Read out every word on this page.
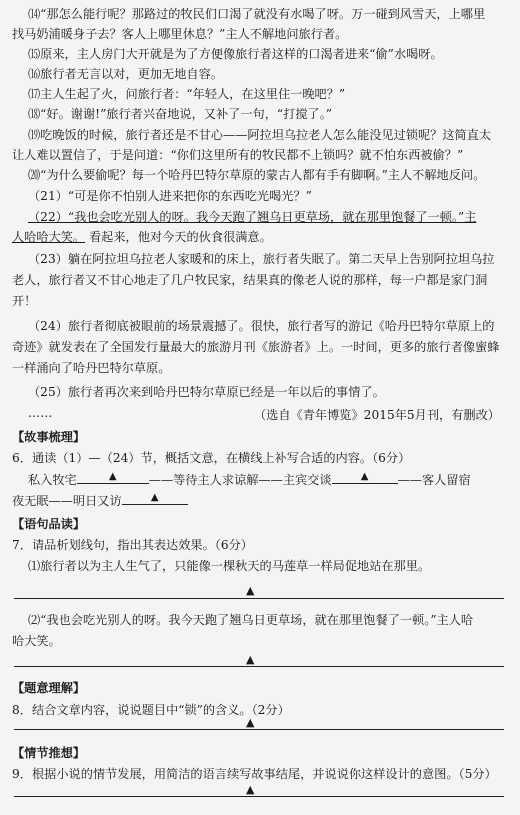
⒁“那怎么能行呢？那路过的牧民们口渴了就没有水喝了呀。万一碰到风雪天，上哪里
找马奶浦暖身子去？客人上哪里休息？”主人不解地问旅行者。
⒂原来，主人房门大开就是为了方便像旅行者这样的口渴者进来“偷”水喝呀。
⒃旅行者无言以对，更加无地自容。
⒄主人生起了火，问旅行者：“年轻人，在这里住一晚吧？”
⒅“好。谢谢!”旅行者兴奋地说，又补了一句，“打搅了。”
⒆吃晚饭的时候，旅行者还是不甘心——阿拉坦乌拉老人怎么能没见过锁呢？这简直太
让人难以置信了，于是问道：“你们这里所有的牧民都不上锁吗？就不怕东西被偷？”
⒇“为什么要偷呢？每一个哈丹巴特尔草原的蒙古人都有手有脚啊。”主人不解地反问。
（21）“可是你不怕别人进来把你的东西吃光喝光？”
（22）“我也会吃光别人的呀。我今天跑了翘乌日更草场，就在那里饱餐了一顿。”主
人哈哈大笑。 看起来，他对今天的伙食很满意。
（23）躺在阿拉坦乌拉老人家暖和的床上，旅行者失眠了。第二天早上告别阿拉坦乌拉
老人，旅行者又不甘心地走了几户牧民家，结果真的像老人说的那样，每一户都是家门洞
开！
（24）旅行者彻底被眼前的场景震撼了。很快，旅行者写的游记《哈丹巴特尔草原上的
奇迹》就发表在了全国发行量最大的旅游月刊《旅游者》上。一时间，更多的旅行者像蜜蜂
一样涌向了哈丹巴特尔草原。
（25）旅行者再次来到哈丹巴特尔草原已经是一年以后的事情了。
……	（选自《青年博览》2015年5月刊，有删改）
【故事梳理】
6．通读（1）—（24）节，概括文意，在横线上补写合适的内容。（6分）
私入牧宅	▲	——等待主人求谅解——主宾交谈	▲ ——客人留宿
夜无眠——明日又访	▲
【语句品读】
7．请品析划线句，指出其表达效果。（6分）
⑴旅行者以为主人生气了，只能像一棵秋天的马莲草一样局促地站在那里。
▲
⑵“我也会吃光别人的呀。我今天跑了翘乌日更草场，就在那里饱餐了一顿。”主人哈
哈大笑。
▲
【题意理解】
8．结合文章内容，说说题目中“锁”的含义。（2分）
▲
【情节推想】
9．根据小说的情节发展，用简洁的语言续写故事结尾，并说说你这样设计的意图。（5分）
▲
